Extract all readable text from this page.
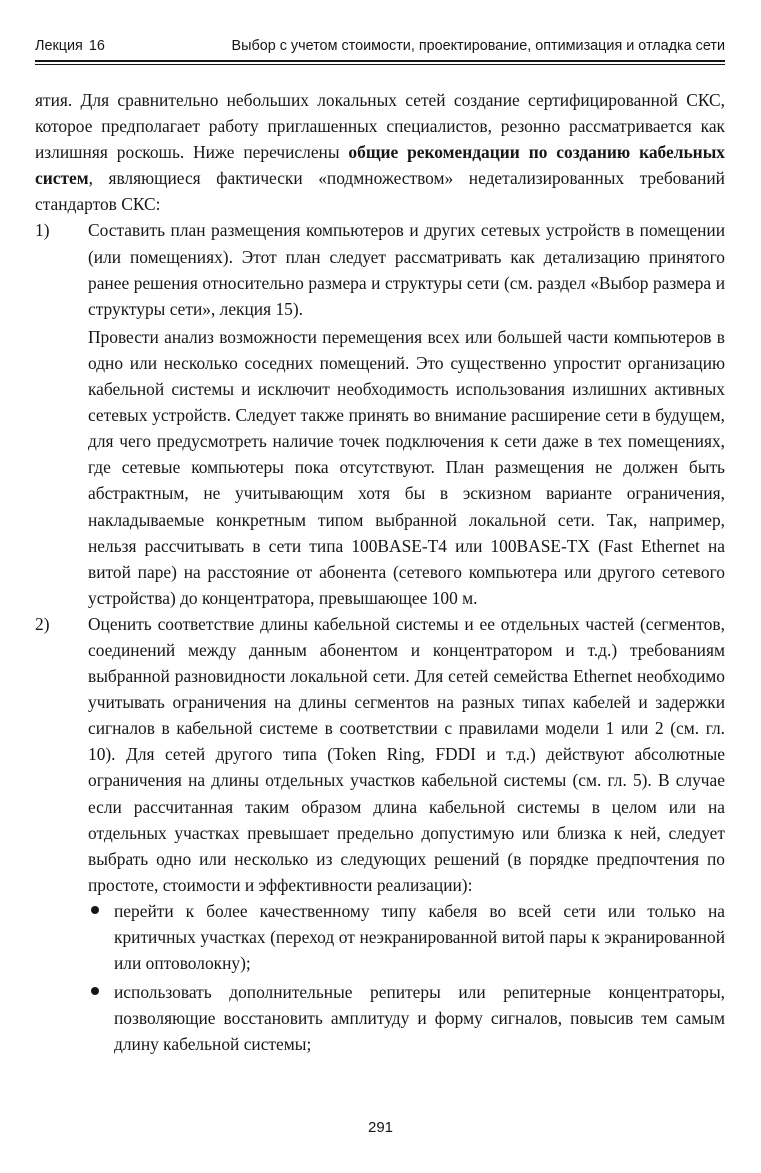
Лекция 16	Выбор с учетом стоимости, проектирование, оптимизация и отладка сети

ятия. Для сравнительно небольших локальных сетей создание сертифицированной СКС, которое предполагает работу приглашенных специалистов, резонно рассматривается как излишняя роскошь. Ниже перечислены общие рекомендации по созданию кабельных систем, являющиеся фактически «подмножеством» недетализированных требований стандартов СКС:

1) Составить план размещения компьютеров и других сетевых устройств в помещении (или помещениях). Этот план следует рассматривать как детализацию принятого ранее решения относительно размера и структуры сети (см. раздел «Выбор размера и структуры сети», лекция 15).

Провести анализ возможности перемещения всех или большей части компьютеров в одно или несколько соседних помещений. Это существенно упростит организацию кабельной системы и исключит необходимость использования излишних активных сетевых устройств. Следует также принять во внимание расширение сети в будущем, для чего предусмотреть наличие точек подключения к сети даже в тех помещениях, где сетевые компьютеры пока отсутствуют. План размещения не должен быть абстрактным, не учитывающим хотя бы в эскизном варианте ограничения, накладываемые конкретным типом выбранной локальной сети. Так, например, нельзя рассчитывать в сети типа 100BASE-T4 или 100BASE-TX (Fast Ethernet на витой паре) на расстояние от абонента (сетевого компьютера или другого сетевого устройства) до концентратора, превышающее 100 м.

2) Оценить соответствие длины кабельной системы и ее отдельных частей (сегментов, соединений между данным абонентом и концентратором и т.д.) требованиям выбранной разновидности локальной сети. Для сетей семейства Ethernet необходимо учитывать ограничения на длины сегментов на разных типах кабелей и задержки сигналов в кабельной системе в соответствии с правилами модели 1 или 2 (см. гл. 10). Для сетей другого типа (Token Ring, FDDI и т.д.) действуют абсолютные ограничения на длины отдельных участков кабельной системы (см. гл. 5). В случае если рассчитанная таким образом длина кабельной системы в целом или на отдельных участках превышает предельно допустимую или близка к ней, следует выбрать одно или несколько из следующих решений (в порядке предпочтения по простоте, стоимости и эффективности реализации):

перейти к более качественному типу кабеля во всей сети или только на критичных участках (переход от неэкранированной витой пары к экранированной или оптоволокну);
использовать дополнительные репитеры или репитерные концентраторы, позволяющие восстановить амплитуду и форму сигналов, повысив тем самым длину кабельной системы;
291
